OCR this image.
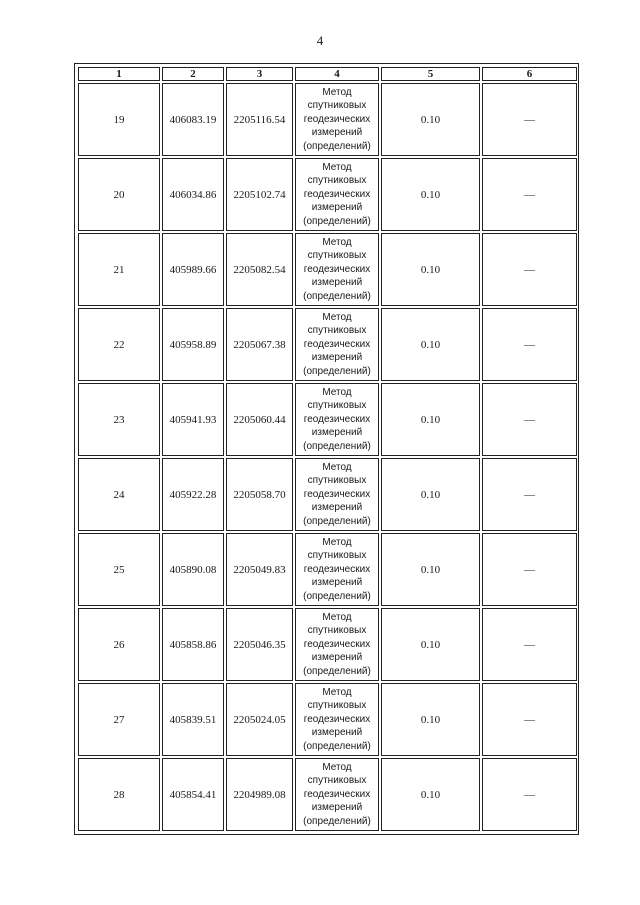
4
1	2	3	4	5	6
19	406083.19	2205116.54	Метод
спутниковых
геодезических
измерений
(определений)	0.10	—
20	406034.86	2205102.74	Метод
спутниковых
геодезических
измерений
(определений)	0.10	—
21	405989.66	2205082.54	Метод
спутниковых
геодезических
измерений
(определений)	0.10	—
22	405958.89	2205067.38	Метод
спутниковых
геодезических
измерений
(определений)	0.10	—
23	405941.93	2205060.44	Метод
спутниковых
геодезических
измерений
(определений)	0.10	—
24	405922.28	2205058.70	Метод
спутниковых
геодезических
измерений
(определений)	0.10	—
25	405890.08	2205049.83	Метод
спутниковых
геодезических
измерений
(определений)	0.10	—
26	405858.86	2205046.35	Метод
спутниковых
геодезических
измерений
(определений)	0.10	—
27	405839.51	2205024.05	Метод
спутниковых
геодезических
измерений
(определений)	0.10	—
28	405854.41	2204989.08	Метод
спутниковых
геодезических
измерений
(определений)	0.10	—
